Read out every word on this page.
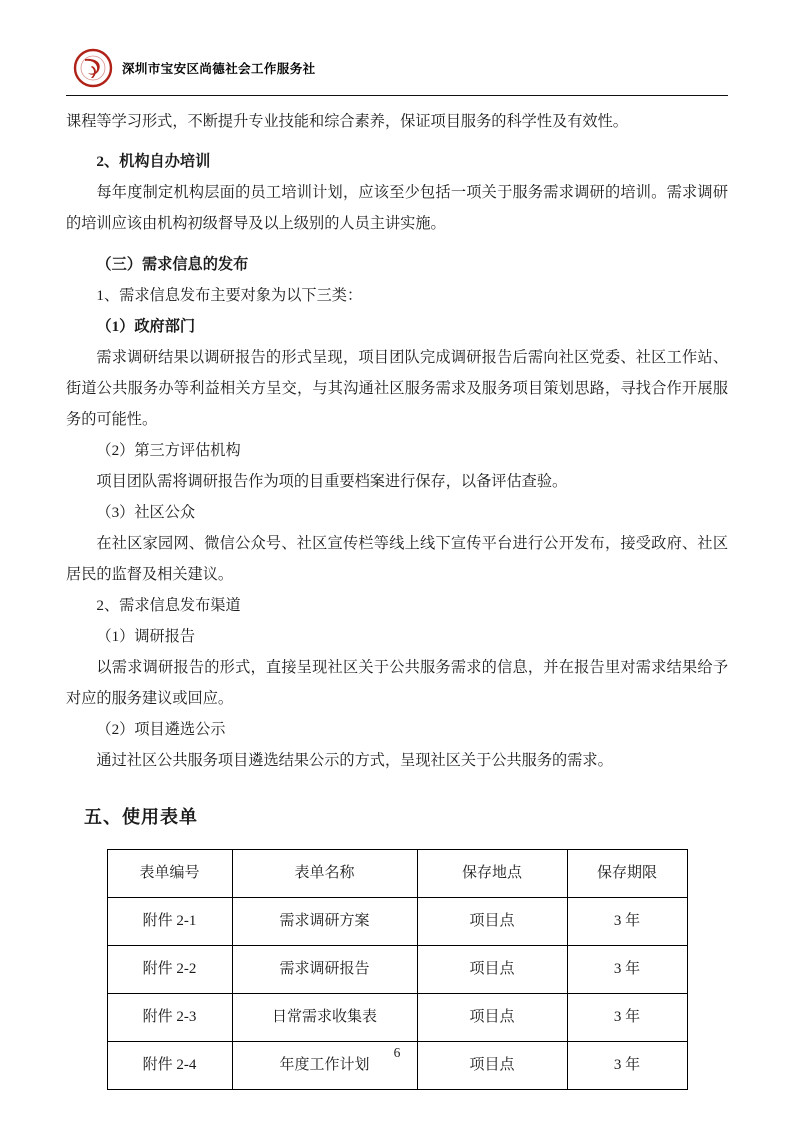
深圳市宝安区尚德社会工作服务社

课程等学习形式，不断提升专业技能和综合素养，保证项目服务的科学性及有效性。

2、机构自办培训

每年度制定机构层面的员工培训计划，应该至少包括一项关于服务需求调研的培训。需求调研的培训应该由机构初级督导及以上级别的人员主讲实施。

（三）需求信息的发布

1、需求信息发布主要对象为以下三类：

（1）政府部门

需求调研结果以调研报告的形式呈现，项目团队完成调研报告后需向社区党委、社区工作站、街道公共服务办等利益相关方呈交，与其沟通社区服务需求及服务项目策划思路，寻找合作开展服务的可能性。

（2）第三方评估机构

项目团队需将调研报告作为项的目重要档案进行保存，以备评估查验。

（3）社区公众

在社区家园网、微信公众号、社区宣传栏等线上线下宣传平台进行公开发布，接受政府、社区居民的监督及相关建议。

2、需求信息发布渠道

（1）调研报告

以需求调研报告的形式，直接呈现社区关于公共服务需求的信息，并在报告里对需求结果给予对应的服务建议或回应。

（2）项目遴选公示

通过社区公共服务项目遴选结果公示的方式，呈现社区关于公共服务的需求。

五、使用表单
表单编号	表单名称	保存地点	保存期限
附件 2-1	需求调研方案	项目点	3 年
附件 2-2	需求调研报告	项目点	3 年
附件 2-3	日常需求收集表	项目点	3 年
附件 2-4	年度工作计划	项目点	3 年
6
